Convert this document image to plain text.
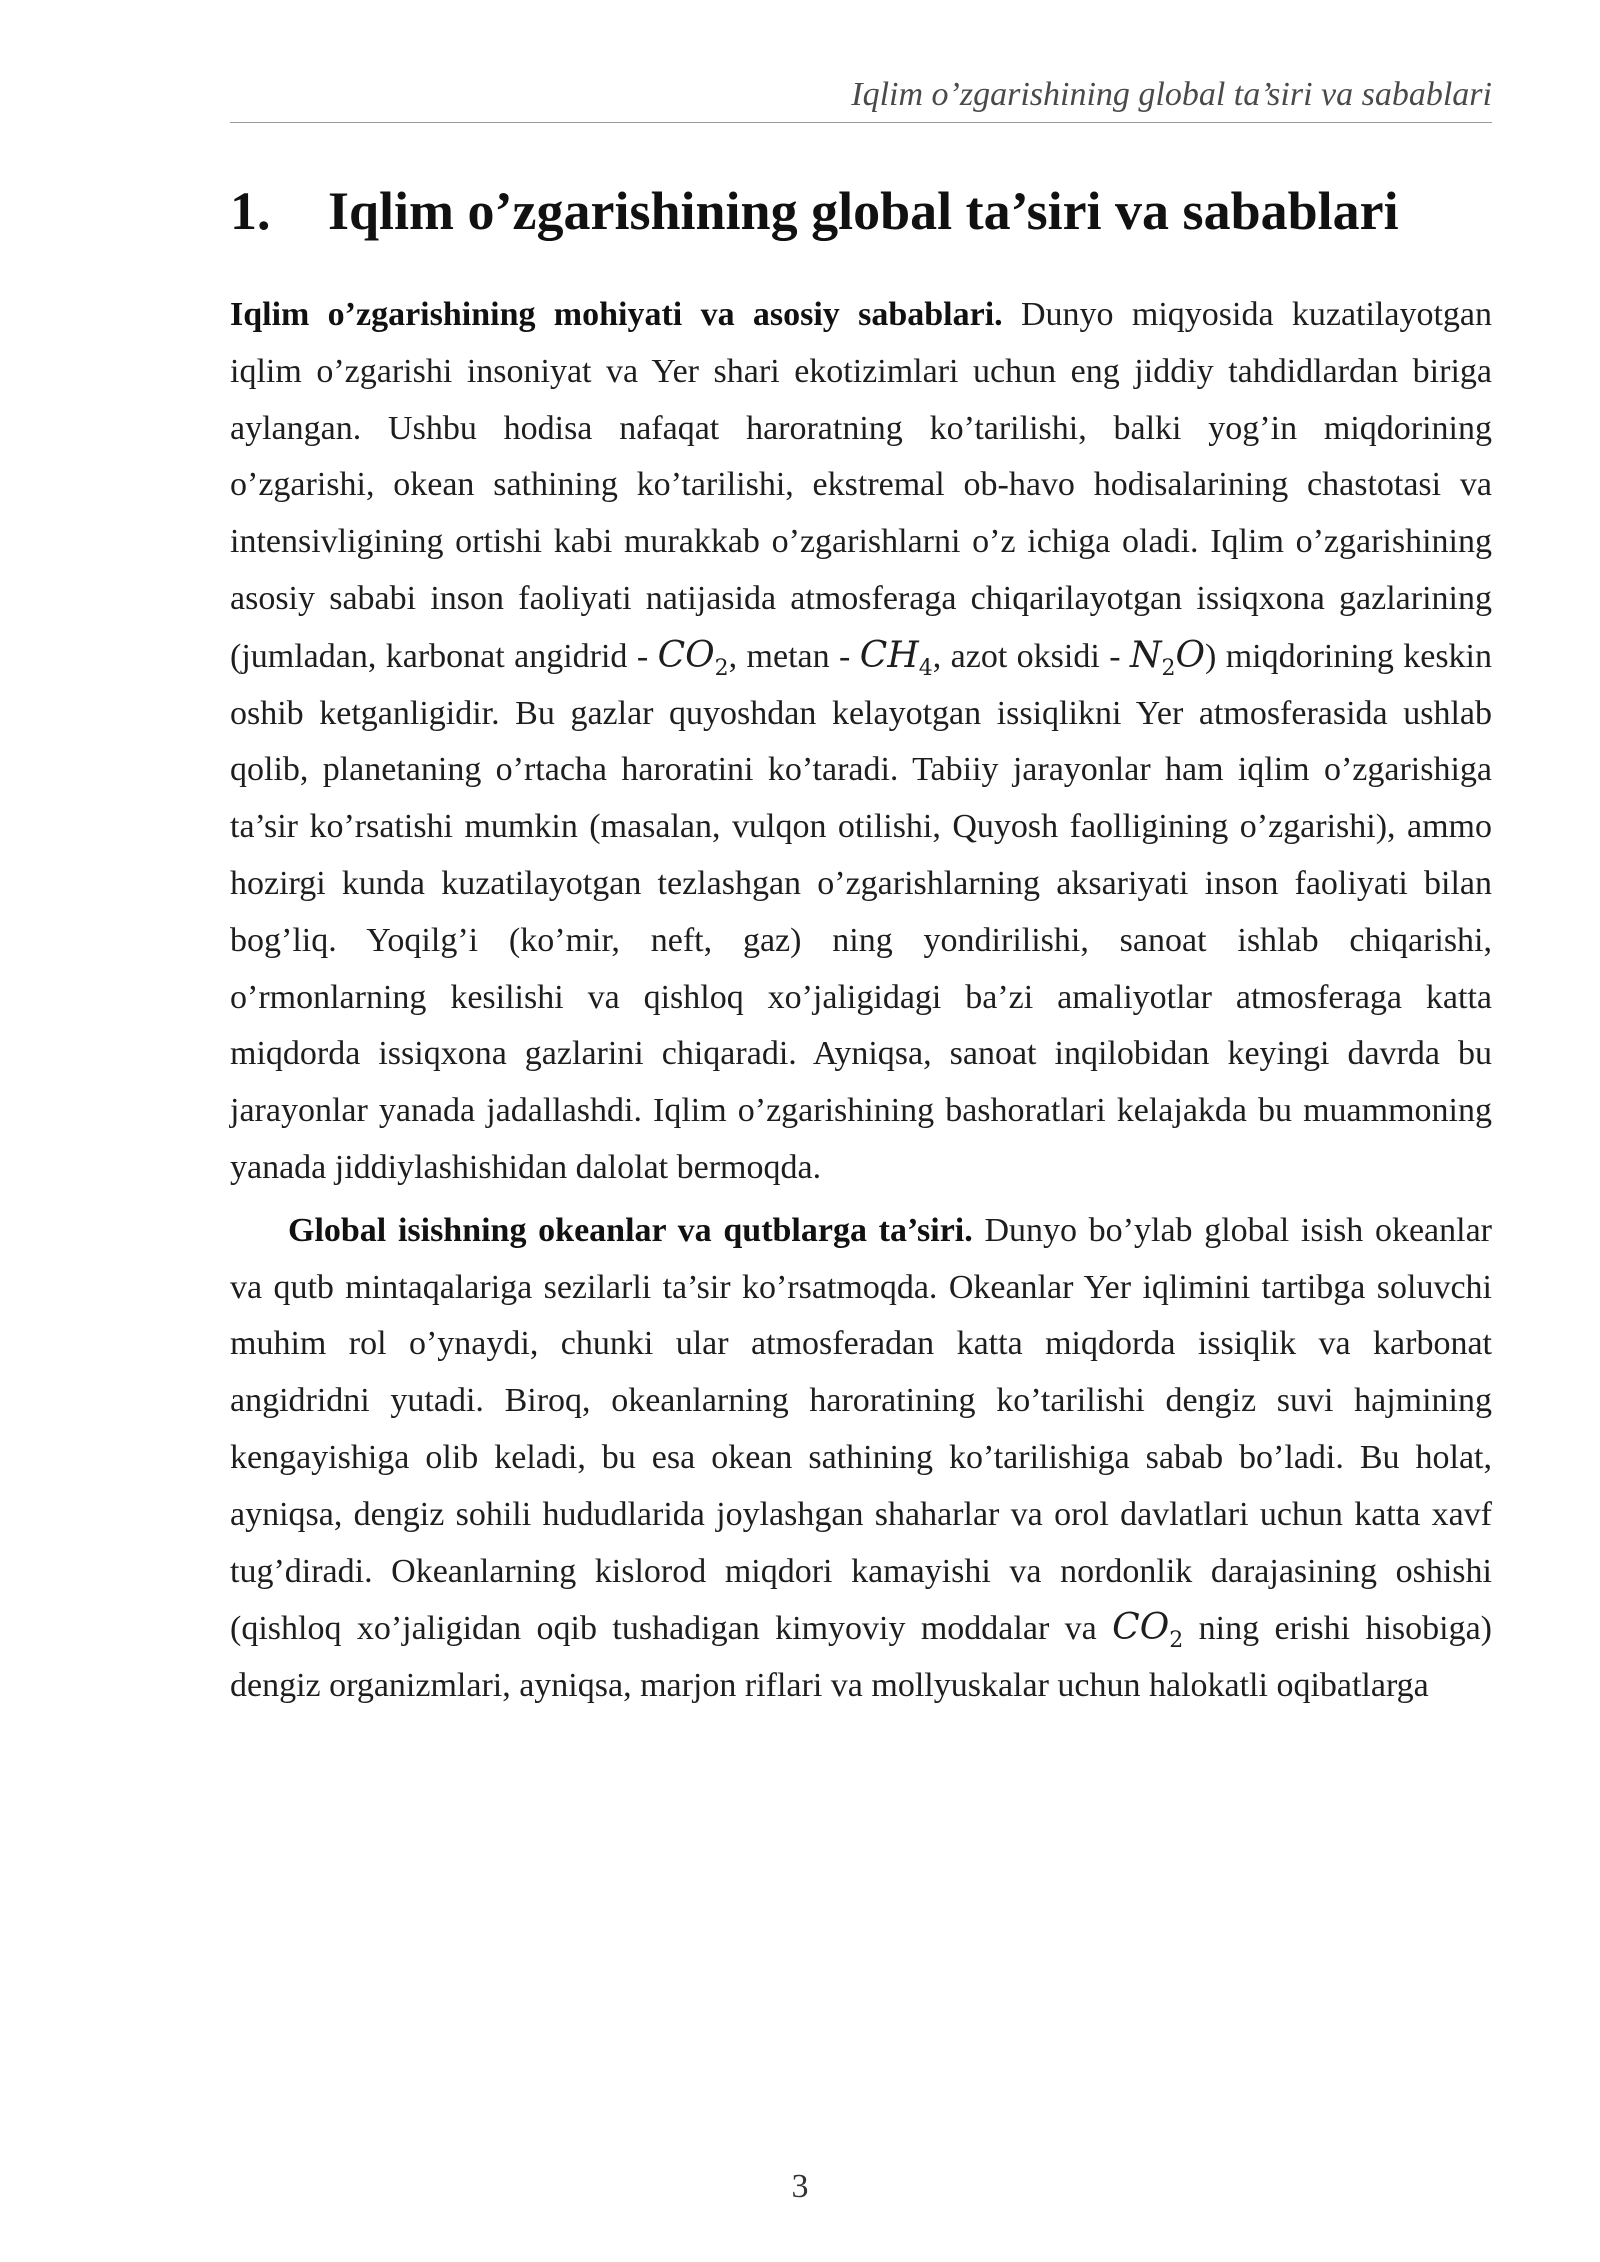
Iqlim o’zgarishining global ta’siri va sabablari
1. Iqlim o’zgarishining global ta’siri va sabablari

Iqlim o’zgarishining mohiyati va asosiy sabablari. Dunyo miqyosida kuzatilayotgan iqlim o’zgarishi insoniyat va Yer shari ekotizimlari uchun eng jiddiy tahdidlardan biriga aylangan. Ushbu hodisa nafaqat haroratning ko’tarilishi, balki yog’in miqdorining o’zgarishi, okean sathining ko’tarilishi, ekstremal ob-havo hodisalarining chastotasi va intensivligining ortishi kabi murakkab o’zgarishlarni o’z ichiga oladi. Iqlim o’zgarishining asosiy sababi inson faoliyati natijasida atmosferaga chiqarilayotgan issiqxona gazlarining (jumladan, karbonat angidrid - $CO_2$, metan - $CH_4$, azot oksidi - $N_2O$) miqdorining keskin oshib ketganligidir. Bu gazlar quyoshdan kelayotgan issiqlikni Yer atmosferasida ushlab qolib, planetaning o’rtacha haroratini ko’taradi. Tabiiy jarayonlar ham iqlim o’zgarishiga ta’sir ko’rsatishi mumkin (masalan, vulqon otilishi, Quyosh faolligining o’zgarishi), ammo hozirgi kunda kuzatilayotgan tezlashgan o’zgarishlarning aksariyati inson faoliyati bilan bog’liq. Yoqilg’i (ko’mir, neft, gaz) ning yondirilishi, sanoat ishlab chiqarishi, o’rmonlarning kesilishi va qishloq xo’jaligidagi ba’zi amaliyotlar atmosferaga katta miqdorda issiqxona gazlarini chiqaradi. Ayniqsa, sanoat inqilobidan keyingi davrda bu jarayonlar yanada jadallashdi. Iqlim o’zgarishining bashoratlari kelajakda bu muammoning yanada jiddiylashishidan dalolat bermoqda.

Global isishning okeanlar va qutblarga ta’siri. Dunyo bo’ylab global isish okeanlar va qutb mintaqalariga sezilarli ta’sir ko’rsatmoqda. Okeanlar Yer iqlimini tartibga soluvchi muhim rol o’ynaydi, chunki ular atmosferadan katta miqdorda issiqlik va karbonat angidridni yutadi. Biroq, okeanlarning haroratining ko’tarilishi dengiz suvi hajmining kengayishiga olib keladi, bu esa okean sathining ko’tarilishiga sabab bo’ladi. Bu holat, ayniqsa, dengiz sohili hududlarida joylashgan shaharlar va orol davlatlari uchun katta xavf tug’diradi. Okeanlarning kislorod miqdori kamayishi va nordonlik darajasining oshishi (qishloq xo’jaligidan oqib tushadigan kimyoviy moddalar va $CO_2$ ning erishi hisobiga) dengiz organizmlari, ayniqsa, marjon riflari va mollyuskalar uchun halokatli oqibatlarga

3
